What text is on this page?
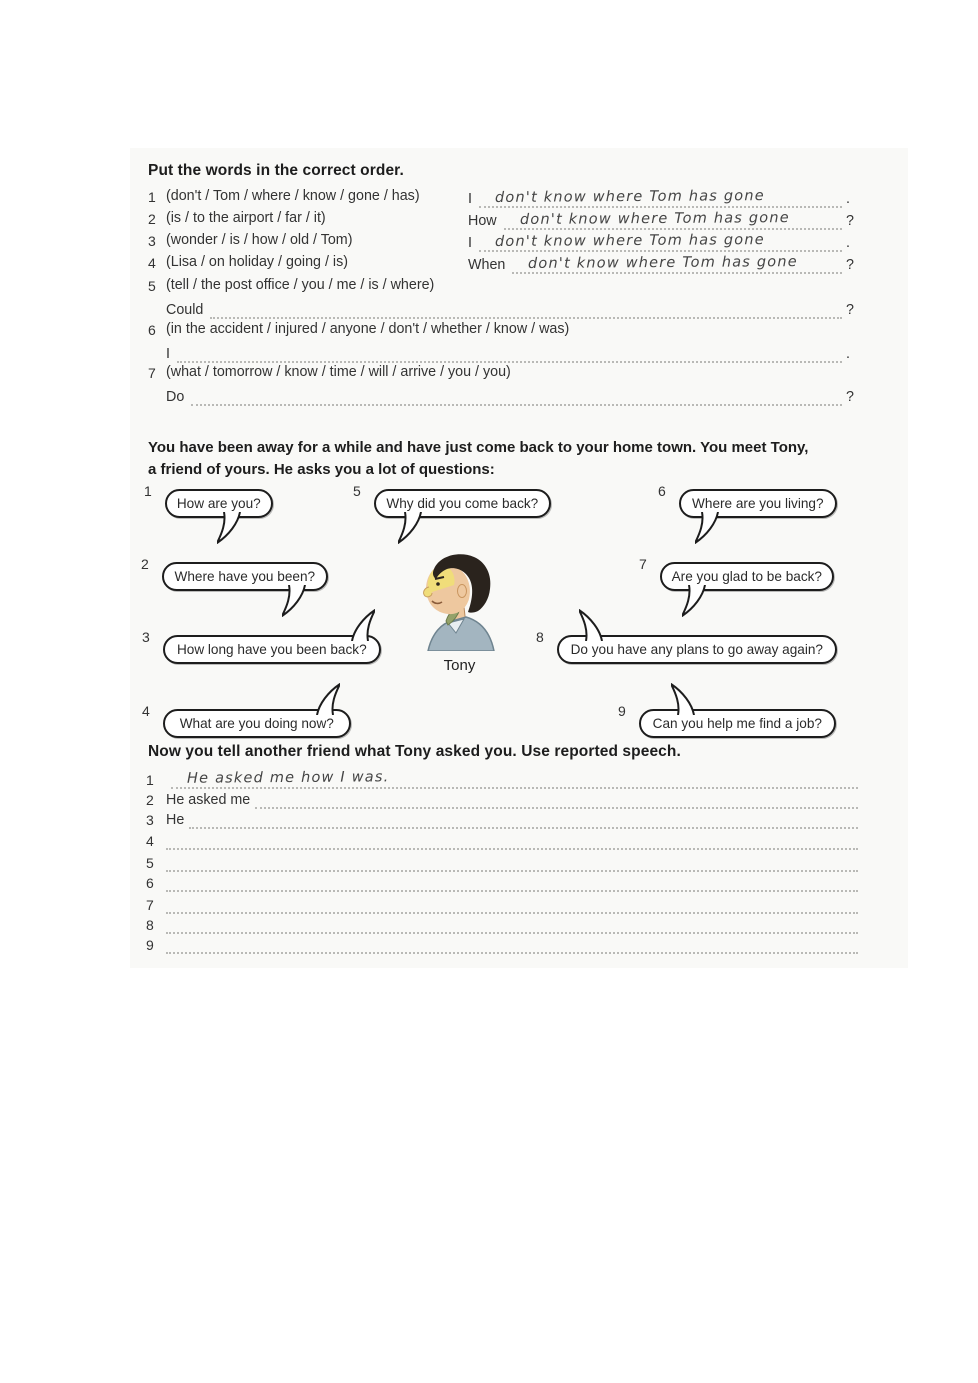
Put the words in the correct order.
1 (don't / Tom / where / know / gone / has)	I don't know where Tom has gone	.
2 (is / to the airport / far / it)	How don't know where Tom has gone	?
3 (wonder / is / how / old / Tom)	I don't know where Tom has gone	.
4 (Lisa / on holiday / going / is)	When don't know where Tom has gone	?
5 (tell / the post office / you / me / is / where)
Could	?
6 (in the accident / injured / anyone / don't / whether / know / was)
I	.
7 (what / tomorrow / know / time / will / arrive / you / you)
Do	?
You have been away for a while and have just come back to your home town. You meet Tony,
a friend of yours. He asks you a lot of questions:
1
How are you?
5
Why did you come back?
6
Where are you living?
2
Where have you been?
7
Are you glad to be back?
3
How long have you been back?
8
Do you have any plans to go away again?
4
What are you doing now?
9
Can you help me find a job?
Tony
Now you tell another friend what Tony asked you. Use reported speech.
1	He asked me how I was.
2 He asked me
3 He
4
5
6
7
8
9
